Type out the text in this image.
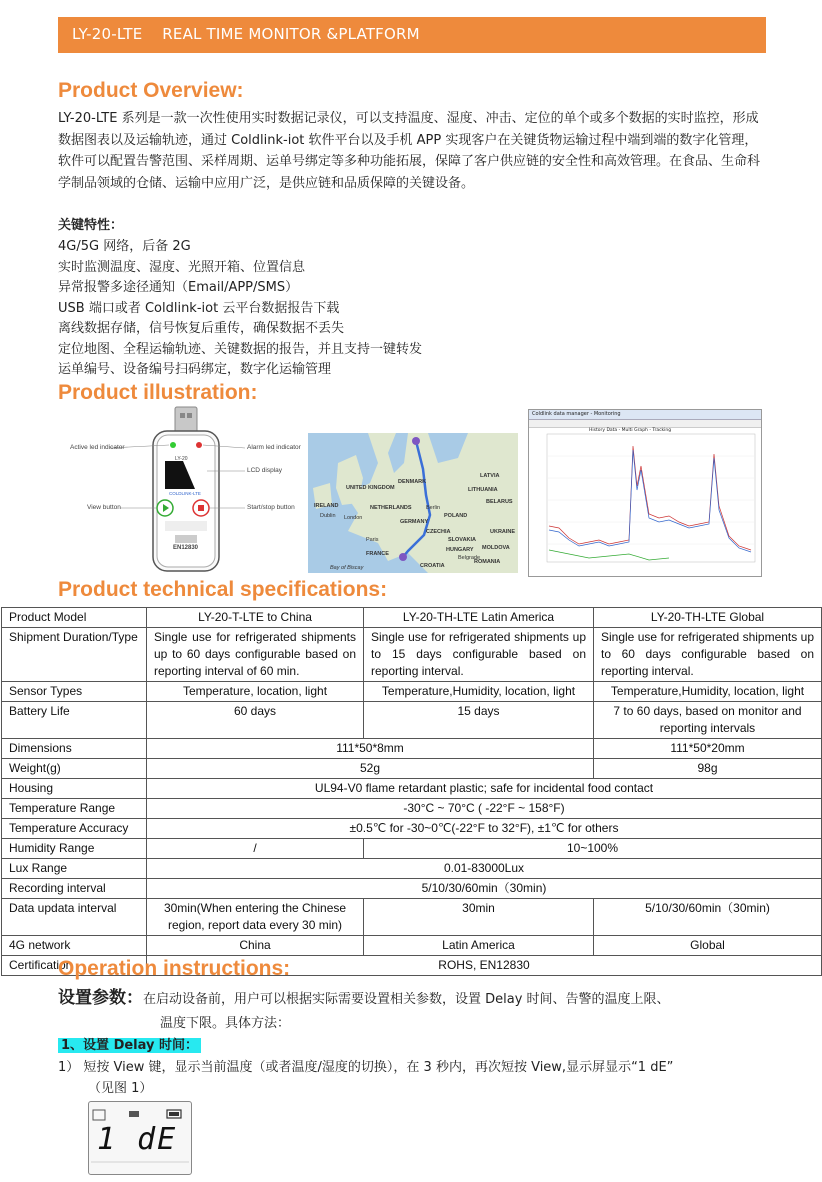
LY-20-LTE    REAL TIME MONITOR &PLATFORM
Product Overview:
LY-20-LTE 系列是一款一次性使用实时数据记录仪，可以支持温度、湿度、冲击、定位的单个或多个数据的实时监控，形成数据图表以及运输轨迹，通过 Coldlink-iot 软件平台以及手机 APP 实现客户在关键货物运输过程中端到端的数字化管理，软件可以配置告警范围、采样周期、运单号绑定等多种功能拓展，保障了客户供应链的安全性和高效管理。在食品、生命科学制品领域的仓储、运输中应用广泛，是供应链和品质保障的关键设备。
关键特性：
4G/5G 网络，后备 2G
实时监测温度、湿度、光照开箱、位置信息
异常报警多途径通知（Email/APP/SMS）
USB 端口或者 Coldlink-iot 云平台数据报告下载
离线数据存储，信号恢复后重传，确保数据不丢失
定位地图、全程运输轨迹、关键数据的报告，并且支持一键转发
运单编号、设备编号扫码绑定，数字化运输管理
Product illustration:
Active led indicator	Alarm led indicator
LCD display
View button	Start/stop button
LY-20
COLDLINK-LTE
EN12830
UNITED KINGDOM
DENMARK
LATVIA
LITHUANIA
BELARUS
NETHERLANDS
POLAND
GERMANY
Berlin
London
Paris
FRANCE
CZECHIA
SLOVAKIA
UKRAINE
HUNGARY MOLDOVA
ROMANIA
CROATIA
IRELAND
Dublin
Bay of Biscay
Belgrade
Coldlink data manager - Monitoring
History Data - Multi Graph - Tracking
Product technical specifications:
Product Model	LY-20-T-LTE to China	LY-20-TH-LTE Latin America	LY-20-TH-LTE Global
Shipment Duration/Type	Single use for refrigerated shipments up to 60 days configurable based on reporting interval of 60 min.	Single use for refrigerated shipments up to 15 days configurable based on reporting interval.	Single use for refrigerated shipments up to 60 days configurable based on reporting interval.
Sensor Types	Temperature, location, light	Temperature,Humidity, location, light	Temperature,Humidity, location, light
Battery Life	60 days	15 days	7 to 60 days, based on monitor and reporting intervals
Dimensions	111*50*8mm		111*50*20mm
Weight(g)	52g		98g
Housing	UL94-V0 flame retardant plastic; safe for incidental food contact		
Temperature Range	-30°C ~ 70°C ( -22°F ~ 158°F)		
Temperature Accuracy	±0.5℃ for -30~0℃(-22°F to 32°F), ±1℃ for others		
Humidity Range	/	10~100%	
Lux Range	0.01-83000Lux		
Recording interval	5/10/30/60min（30min)		
Data updata interval	30min(When entering the Chinese region, report data every 30 min)	30min	5/10/30/60min（30min)
4G network	China	Latin America	Global
Certification	ROHS, EN12830		
Operation instructions:
设置参数：在启动设备前，用户可以根据实际需要设置相关参数，设置 Delay 时间、告警的温度上限、
温度下限。具体方法：
1、设置 Delay 时间：
1） 短按 View 键，显示当前温度（或者温度/湿度的切换），在 3 秒内，再次短按 View,显示屏显示“1 dE”
（见图 1）
1 dE
